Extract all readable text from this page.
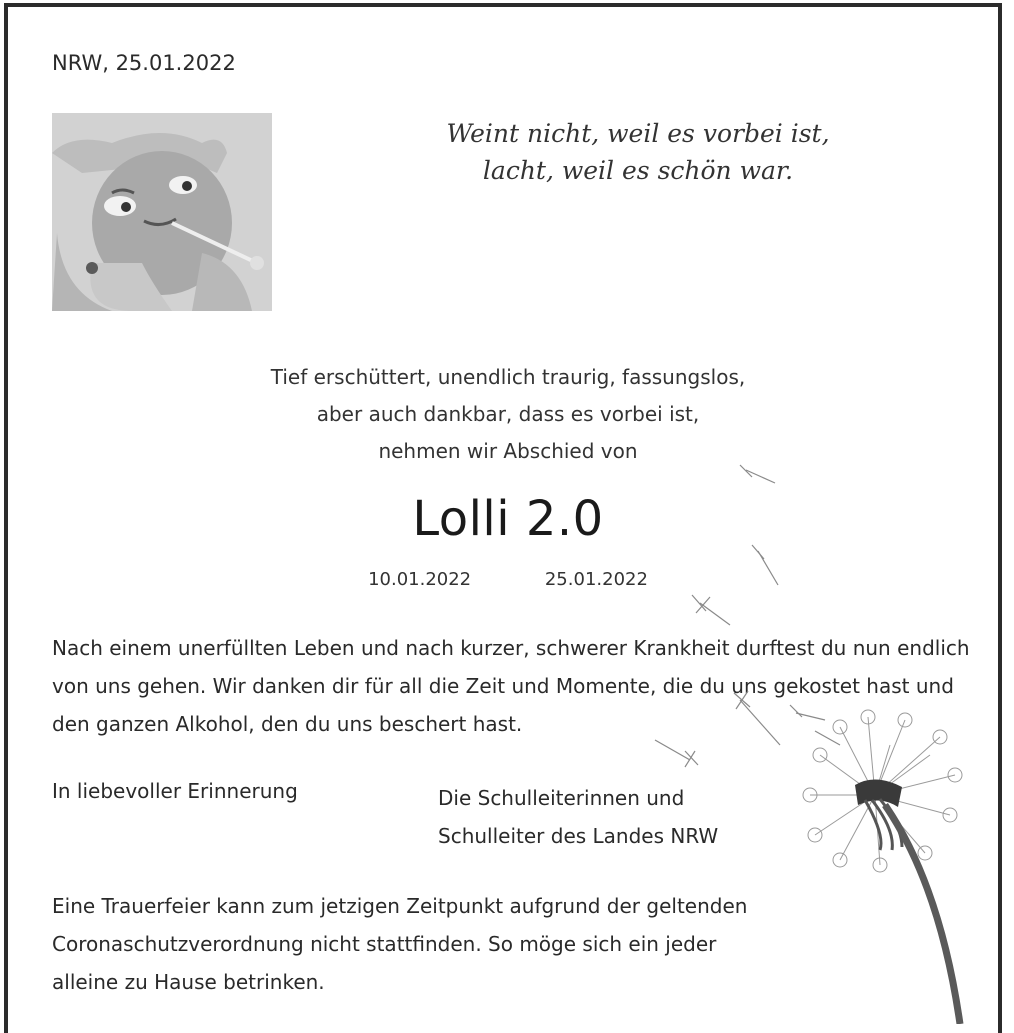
NRW, 25.01.2022
Weint nicht, weil es vorbei ist,
lacht, weil es schön war.
Tief erschüttert, unendlich traurig, fassungslos,
aber auch dankbar, dass es vorbei ist,
nehmen wir Abschied von
Lolli 2.0
10.01.2022	25.01.2022
Nach einem unerfüllten Leben und nach kurzer, schwerer Krankheit durftest du nun endlich
von uns gehen. Wir danken dir für all die Zeit und Momente, die du uns gekostet hast und
den ganzen Alkohol, den du uns beschert hast.
In liebevoller Erinnerung	Die Schulleiterinnen und
Schulleiter des Landes NRW
Eine Trauerfeier kann zum jetzigen Zeitpunkt aufgrund der geltenden
Coronaschutzverordnung nicht stattfinden. So möge sich ein jeder
alleine zu Hause betrinken.
